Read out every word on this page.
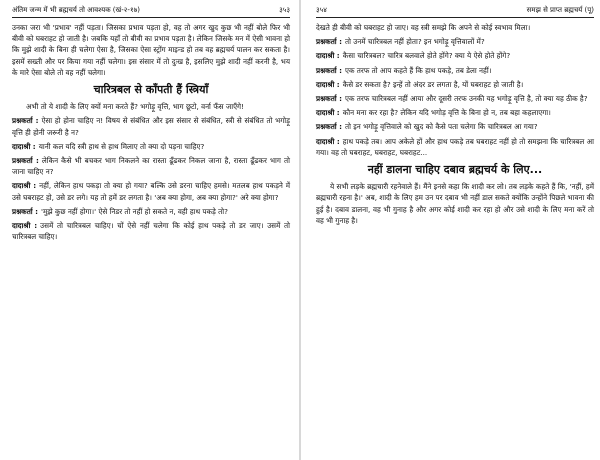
अंतिम जन्म में भी ब्रह्मचर्य तो आवश्यक (खं-२-१७)	३५३

उनका जरा भी 'प्रभाव' नहीं पड़ता। जिसका प्रभाव पड़ता हो, वह तो अगर खुद कुछ भी नहीं बोले फिर भी बीवी को घबराहट हो जाती है। जबकि यहाँ तो बीवी का प्रभाव पड़ता है। लेकिन जिसके मन में ऐसी भावना हो कि मुझे शादी के बिना ही चलेगा ऐसा है, जिसका ऐसा स्ट्रोंग माइन्ड हो तब वह ब्रह्मचर्य पालन कर सकता है। इसमें सख्ती और पर किया गया नहीं चलेगा। इस संसार में तो दुःख है, इसलिए मुझे शादी नहीं करनी है, भय के मारे ऐसा बोले तो वह नहीं चलेगा।

चारित्रबल से काँपती हैं स्त्रियाँ

अभी तो ये शादी के लिए क्यों मना करते हैं? भगोड़ू वृत्ति, भाग छूटो, वर्ना फँस जाएँगे!

प्रश्नकर्ता : ऐसा हो होना चाहिए न! विषय से संबंधित और इस संसार से संबंधित, स्त्री से संबंधित तो भगोड़ू वृत्ति ही होनी जरूरी है न?

दादाश्री : यानी कल यदि स्त्री हाथ से हाथ मिलाए तो क्या दो पड़ना चाहिए?

प्रश्नकर्ता : लेकिन कैसे भी बचकर भाग निकलने का रास्ता ढूँढकर निकल जाना है, रास्ता ढूँढकर भाग तो जाना चाहिए न?

दादाश्री : नहीं, लेकिन हाथ पकड़ा तो क्या हो गया? बल्कि उसे डरना चाहिए हमसे। मतलब हाथ पकड़ने में उसे घबराहट हो, उसे डर लगे। यह तो हमें डर लगता है। 'अब क्या होगा, अब क्या होगा?' अरे क्या होगा?

प्रश्नकर्ता : 'मुझे कुछ नहीं होगा।' ऐसे निडर तो नहीं हो सकते न, वही हाथ पकड़े तो?

दादाश्री : उसमें तो चारित्रबल चाहिए। चों ऐसे नहीं चलेगा कि कोई हाथ पकड़े तो डर जाए। उसमें तो चारित्रबल चाहिए।

३५४	समझ से प्राप्त ब्रह्मचर्य (पू)

देखते ही बीवी को घबराहट हो जाए। वह स्त्री समझे कि अपने से कोई स्वभाव मिला।

प्रश्नकर्ता : तो उनमें चारित्रबल नहीं होता? इन भगोड़ू वृत्तिवालों में?

दादाश्री : कैसा चारित्रबल? चारित्र बलवाले होते होंगे? क्या ये ऐसे होते होंगे?

प्रश्नकर्ता : एक तरफ तो आप कहते हैं कि हाथ पकड़े, तब डेला नहीं।

दादाश्री : कैसे डर सकता है? इन्हें तो अंदर डर लगता है, यों घबराहट हो जाती है।

प्रश्नकर्ता : एक तरफ चारित्रबल नहीं आया और दूसरी तरफ उनकी यह भगोड़ू वृत्ति है, तो क्या यह ठीक है?

दादाश्री : कौन मना कर रहा है? लेकिन यदि भगोड़ वृत्ति के बिना हो न, तब बहा कहलाएगा।

प्रश्नकर्ता : तो इन भगोड़ू वृत्तिवाले को खुद को कैसे पता चलेगा कि चारित्रबल आ गया?

दादाश्री : हाथ पकड़े तब। आप अकेले हों और हाथ पकड़े तब घबराहट नहीं हो तो समझना कि चारित्रबल आ गया। वह तो घबराहट, घबराहट, घबराहट...

नहीं डालना चाहिए दबाव ब्रह्मचर्य के लिए...

ये सभी लड़के ब्रह्मचारी रहनेवाले हैं। मैंने इनसे कहा कि शादी कर लो। तब लड़के कहते हैं कि, 'नहीं, हमें ब्रह्मचारी रहना है।' अब, शादी के लिए हम उन पर दबाव भी नहीं डाल सकते क्योंकि उन्होंने पिछले भावना की हुई है। दबाव डालना, वह भी गुनाह है और अगर कोई शादी कर रहा हो और उसे शादी के लिए मना करें तो वह भी गुनाह है।
